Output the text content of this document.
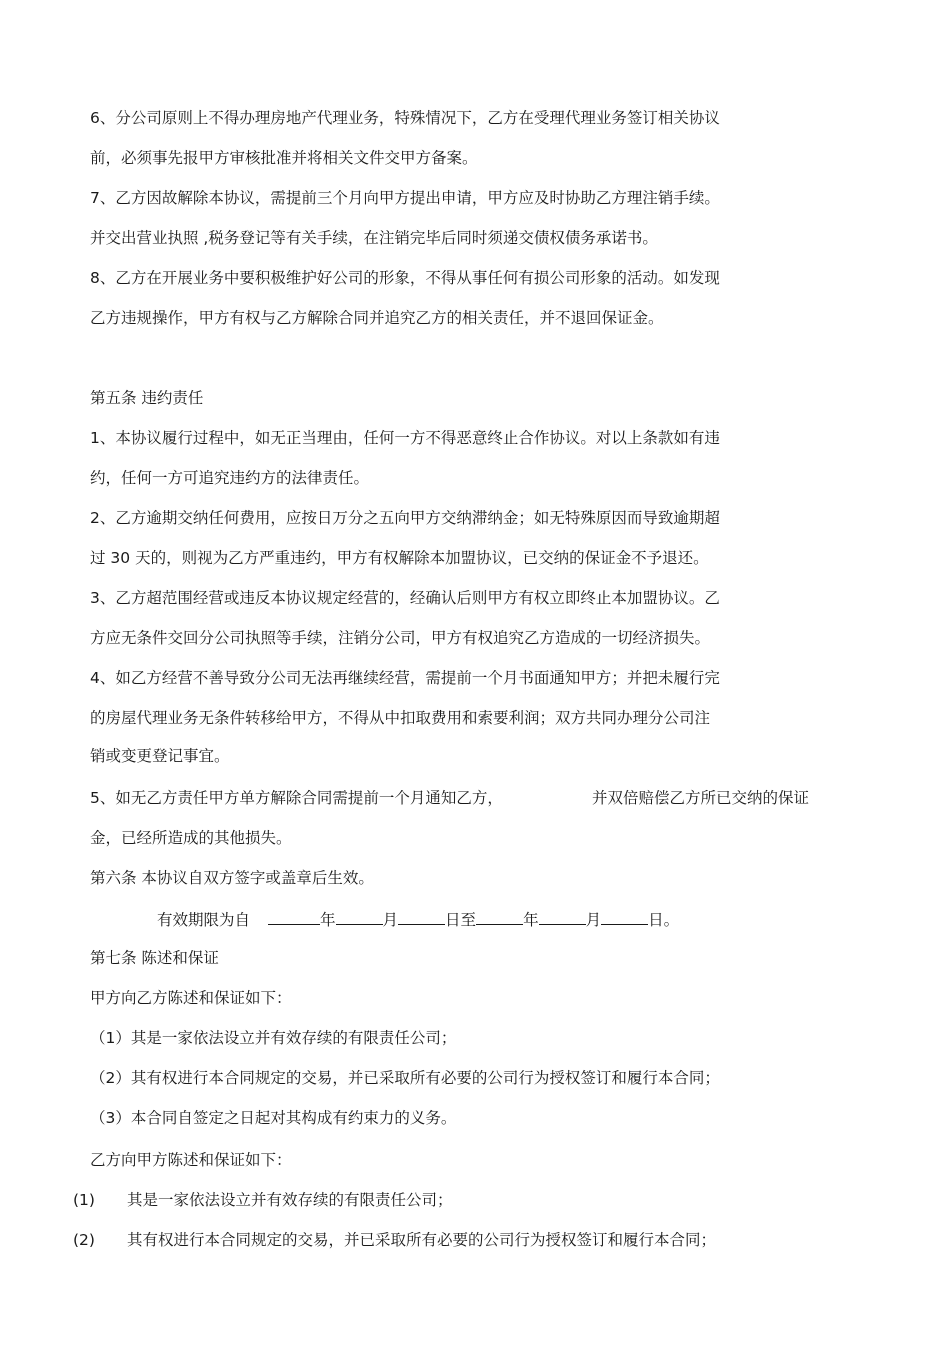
6、分公司原则上不得办理房地产代理业务，特殊情况下，乙方在受理代理业务签订相关协议
前，必须事先报甲方审核批准并将相关文件交甲方备案。
7、乙方因故解除本协议，需提前三个月向甲方提出申请，甲方应及时协助乙方理注销手续。
并交出营业执照 ,税务登记等有关手续，在注销完毕后同时须递交债权债务承诺书。
8、乙方在开展业务中要积极维护好公司的形象，不得从事任何有损公司形象的活动。如发现
乙方违规操作，甲方有权与乙方解除合同并追究乙方的相关责任，并不退回保证金。
第五条 违约责任
1、本协议履行过程中，如无正当理由，任何一方不得恶意终止合作协议。对以上条款如有违
约，任何一方可追究违约方的法律责任。
2、乙方逾期交纳任何费用，应按日万分之五向甲方交纳滞纳金；如无特殊原因而导致逾期超
过 30 天的，则视为乙方严重违约，甲方有权解除本加盟协议，已交纳的保证金不予退还。
3、乙方超范围经营或违反本协议规定经营的，经确认后则甲方有权立即终止本加盟协议。乙
方应无条件交回分公司执照等手续，注销分公司，甲方有权追究乙方造成的一切经济损失。
4、如乙方经营不善导致分公司无法再继续经营，需提前一个月书面通知甲方；并把未履行完
的房屋代理业务无条件转移给甲方，不得从中扣取费用和索要利润；双方共同办理分公司注
销或变更登记事宜。
5、如无乙方责任甲方单方解除合同需提前一个月通知乙方，	并双倍赔偿乙方所已交纳的保证
金，已经所造成的其他损失。
第六条 本协议自双方签字或盖章后生效。
有效期限为自	年	月	日至	年	月	日。
第七条 陈述和保证
甲方向乙方陈述和保证如下：
（1）其是一家依法设立并有效存续的有限责任公司；
（2）其有权进行本合同规定的交易，并已采取所有必要的公司行为授权签订和履行本合同；
（3）本合同自签定之日起对其构成有约束力的义务。
乙方向甲方陈述和保证如下：
(1) 其是一家依法设立并有效存续的有限责任公司；
(2) 其有权进行本合同规定的交易，并已采取所有必要的公司行为授权签订和履行本合同；
